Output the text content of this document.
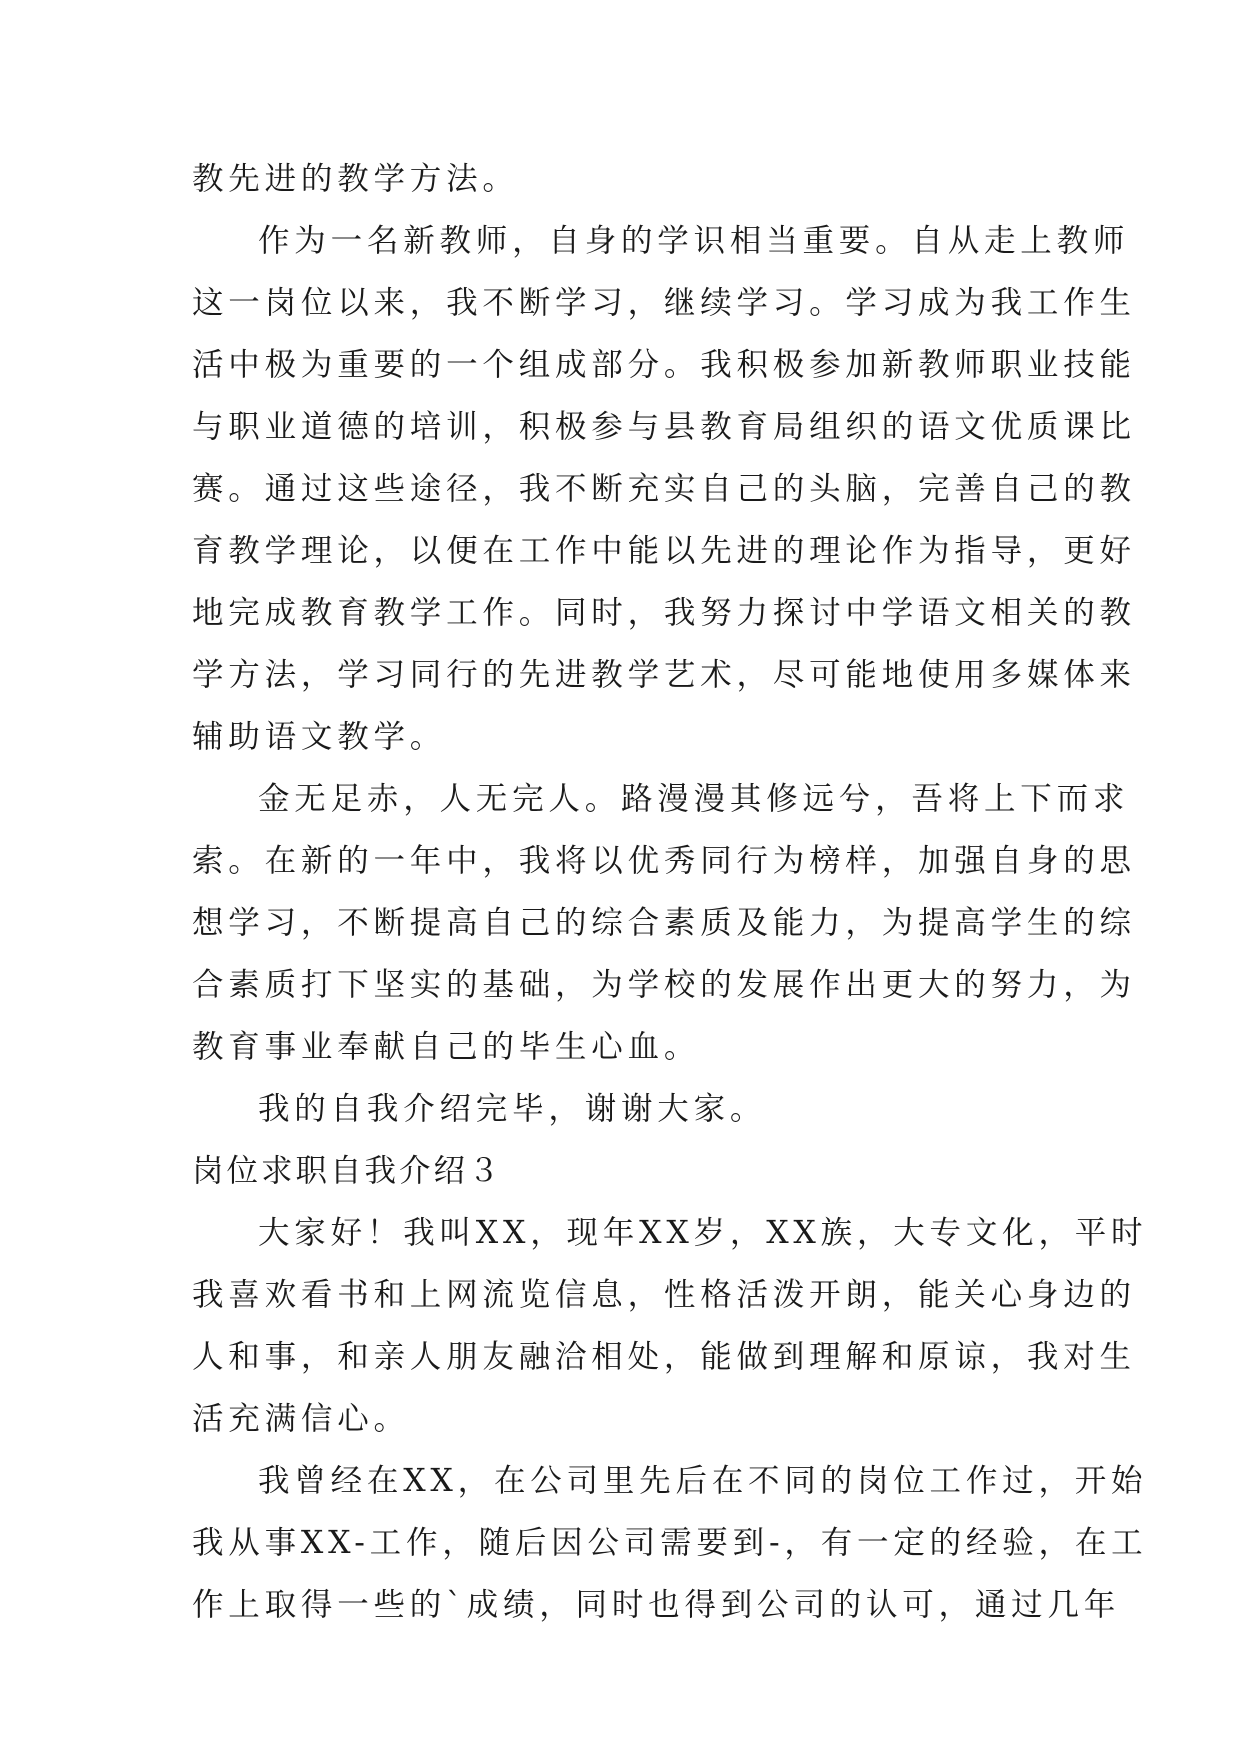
教先进的教学方法。
作为一名新教师，自身的学识相当重要。自从走上教师
这一岗位以来，我不断学习，继续学习。学习成为我工作生
活中极为重要的一个组成部分。我积极参加新教师职业技能
与职业道德的培训，积极参与县教育局组织的语文优质课比
赛。通过这些途径，我不断充实自己的头脑，完善自己的教
育教学理论，以便在工作中能以先进的理论作为指导，更好
地完成教育教学工作。同时，我努力探讨中学语文相关的教
学方法，学习同行的先进教学艺术，尽可能地使用多媒体来
辅助语文教学。
金无足赤，人无完人。路漫漫其修远兮，吾将上下而求
索。在新的一年中，我将以优秀同行为榜样，加强自身的思
想学习，不断提高自己的综合素质及能力，为提高学生的综
合素质打下坚实的基础，为学校的发展作出更大的努力，为
教育事业奉献自己的毕生心血。
我的自我介绍完毕，谢谢大家。
岗位求职自我介绍３
大家好！我叫XX，现年XX岁，XX族，大专文化，平时
我喜欢看书和上网流览信息，性格活泼开朗，能关心身边的
人和事，和亲人朋友融洽相处，能做到理解和原谅，我对生
活充满信心。
我曾经在XX，在公司里先后在不同的岗位工作过，开始
我从事XX-工作，随后因公司需要到-，有一定的经验，在工
作上取得一些的`成绩，同时也得到公司的认可，通过几年
